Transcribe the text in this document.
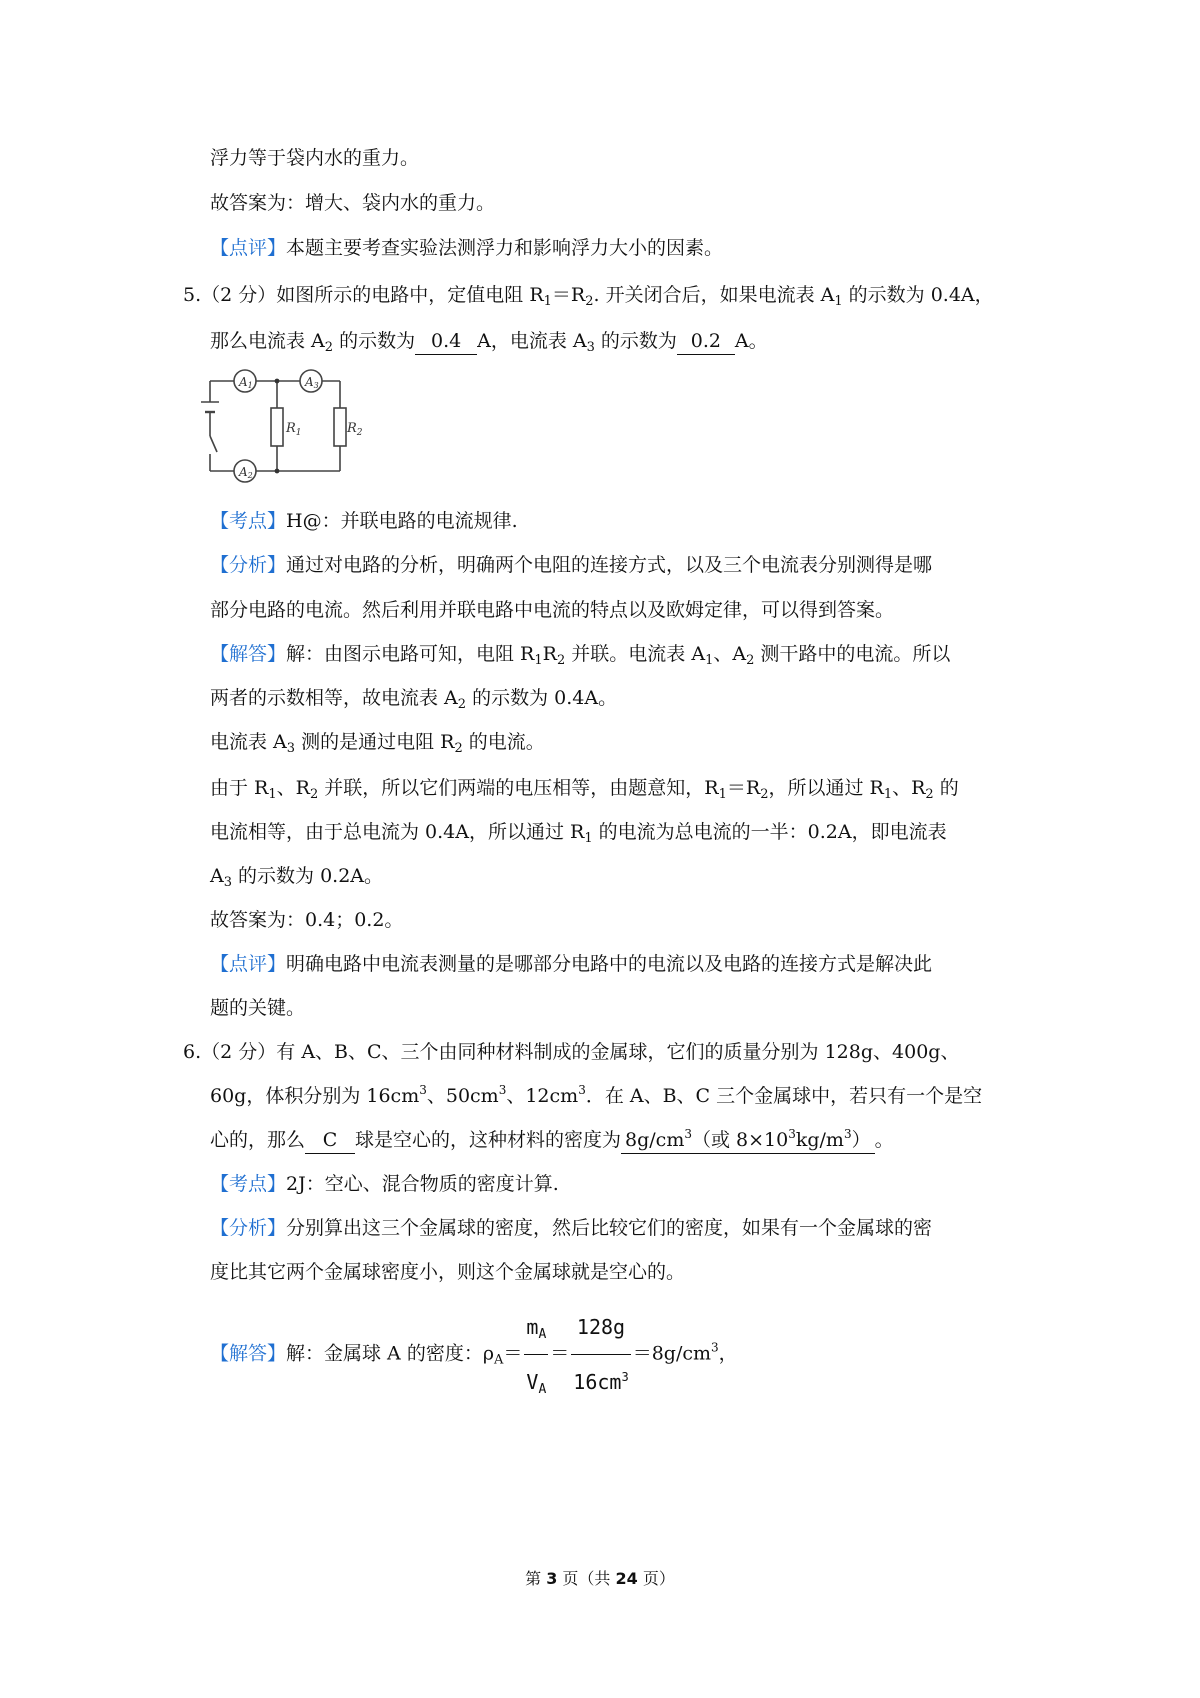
浮力等于袋内水的重力。
故答案为：增大、袋内水的重力。
【点评】本题主要考查实验法测浮力和影响浮力大小的因素。
5.（2 分）如图所示的电路中，定值电阻 $R_1=R_2$. 开关闭合后，如果电流表 $A_1$ 的示数为 0.4A，
那么电流表 $A_2$ 的示数为 0.4 A，电流表 $A_3$ 的示数为 0.2 A。
A1	A3
A2
$R_1$	$R_2$
【考点】H@：并联电路的电流规律.
【分析】通过对电路的分析，明确两个电阻的连接方式，以及三个电流表分别测得是哪
部分电路的电流。然后利用并联电路中电流的特点以及欧姆定律，可以得到答案。
【解答】解：由图示电路可知，电阻 $R_1R_2$ 并联。电流表 $A_1$、$A_2$ 测干路中的电流。所以
两者的示数相等，故电流表 $A_2$ 的示数为 0.4A。
电流表 $A_3$ 测的是通过电阻 $R_2$ 的电流。
由于 $R_1$、$R_2$ 并联，所以它们两端的电压相等，由题意知，$R_1=R_2$，所以通过 $R_1$、$R_2$ 的
电流相等，由于总电流为 0.4A，所以通过 $R_1$ 的电流为总电流的一半：0.2A，即电流表
$A_3$ 的示数为 0.2A。
故答案为：0.4；0.2。
【点评】明确电路中电流表测量的是哪部分电路中的电流以及电路的连接方式是解决此
题的关键。
6.（2 分）有 A、B、C、三个由同种材料制成的金属球，它们的质量分别为 128g、400g、
60g，体积分别为 $16cm^3$、$50cm^3$、$12cm^3$．在 A、B、C 三个金属球中，若只有一个是空
心的，那么 C 球是空心的，这种材料的密度为 $8g/cm^3$（或 $8\times 10^3kg/m^3$） 。
【考点】2J：空心、混合物质的密度计算.
【分析】分别算出这三个金属球的密度，然后比较它们的密度，如果有一个金属球的密
度比其它两个金属球密度小，则这个金属球就是空心的。
【解答】解：金属球 A 的密度：$\rho_A= \frac{m_A}{V_A} = \frac{128g}{16cm^3} =8g/cm^3$，
第 3 页（共 24 页）
